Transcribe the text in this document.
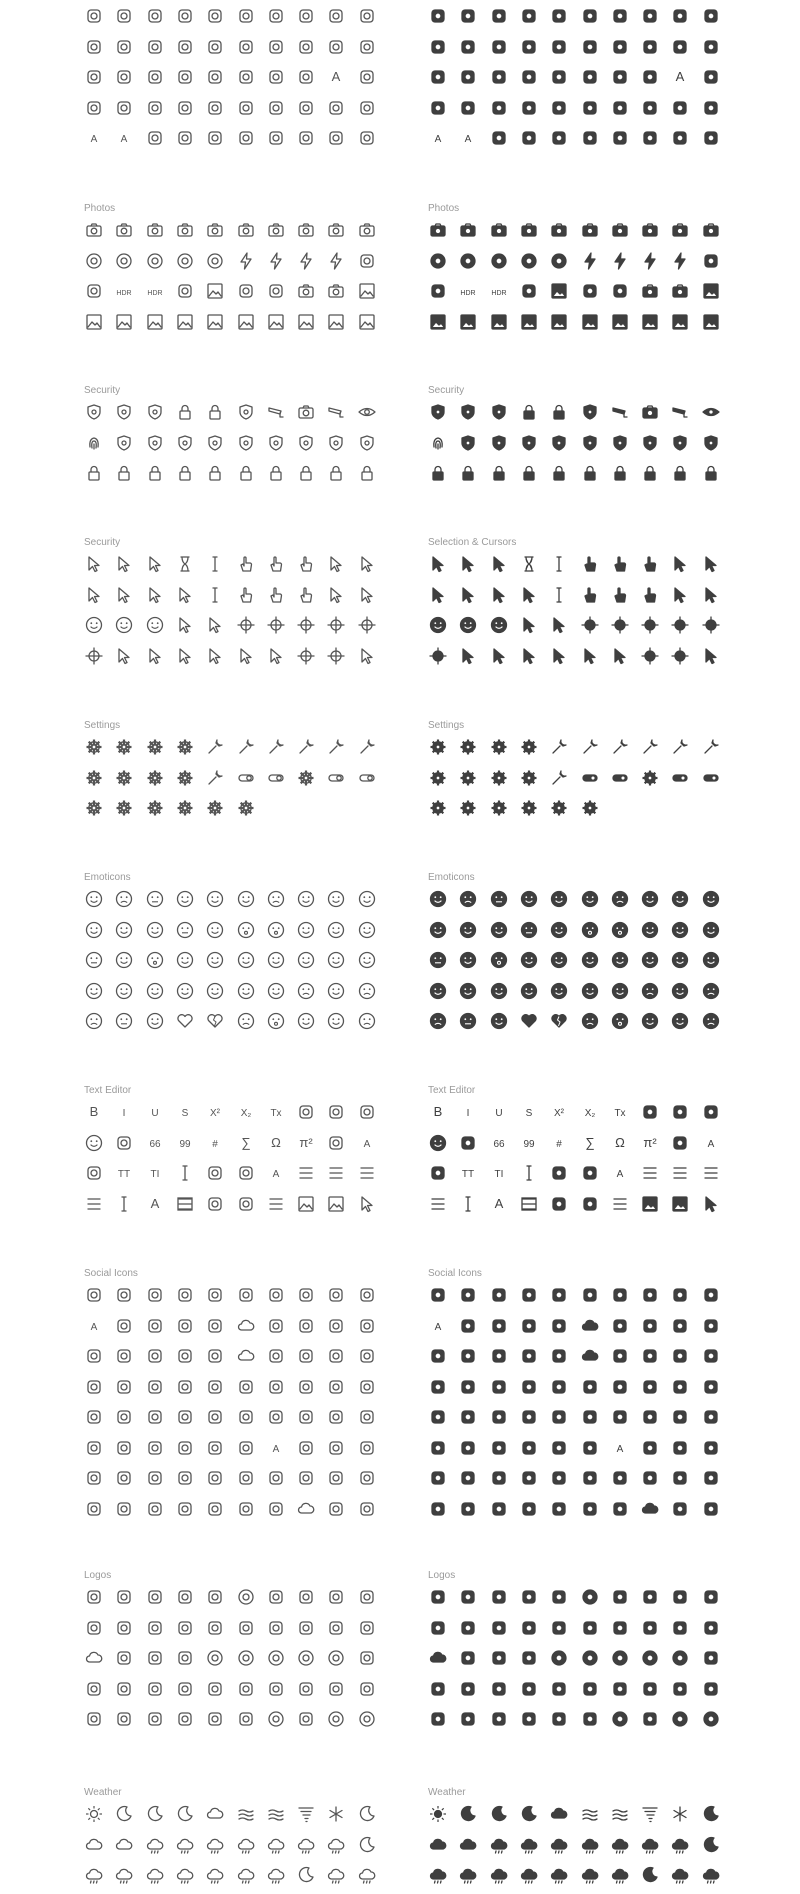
A
A A
Photos
HDR HDR
Security
Security
Settings
Emoticons
Text Editor
B I	U S X² X₂ Tx
66 99 # ∑ Ω π²	A
TT TI	A
A
Social Icons
A
A
Logos
Weather
A
A A
Photos
HDR HDR
Security
Selection & Cursors
Settings
Emoticons
Text Editor
B I	U S X² X₂ Tx
66 99 # ∑ Ω π²	A
TT TI	A
A
Social Icons
A
A
Logos
Weather
